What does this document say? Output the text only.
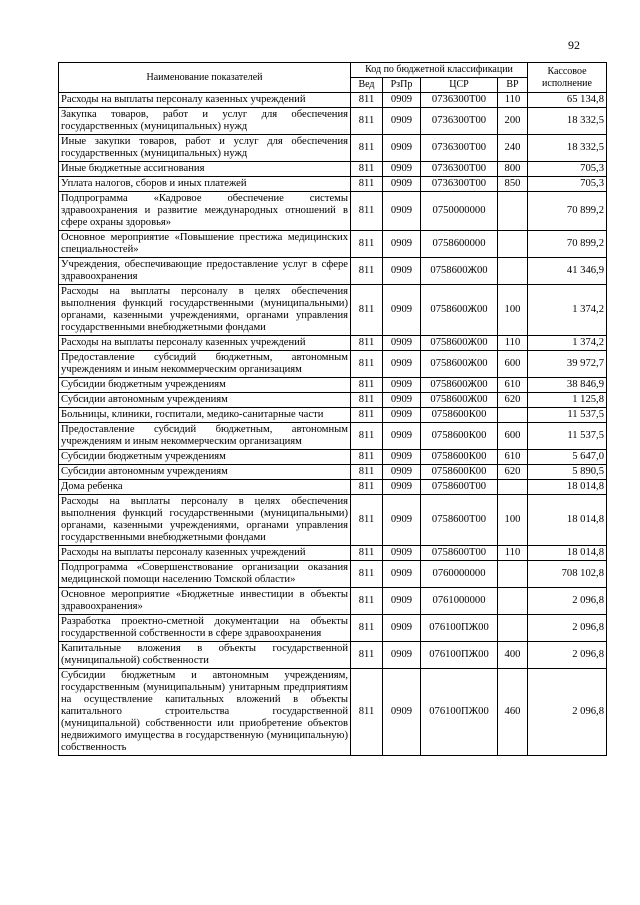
92
Наименование показателей	Код по бюджетной классификации				Кассовое исполнение
	Вед	РзПр	ЦСР	ВР	
Расходы на выплаты персоналу казенных учреждений	811	0909	0736300Т00	110	65 134,8
Закупка товаров, работ и услуг для обеспечения государственных (муниципальных) нужд	811	0909	0736300Т00	200	18 332,5
Иные закупки товаров, работ и услуг для обеспечения государственных (муниципальных) нужд	811	0909	0736300Т00	240	18 332,5
Иные бюджетные ассигнования	811	0909	0736300Т00	800	705,3
Уплата налогов, сборов и иных платежей	811	0909	0736300Т00	850	705,3
Подпрограмма «Кадровое обеспечение системы здравоохранения и развитие международных отношений в сфере охраны здоровья»	811	0909	0750000000		70 899,2
Основное мероприятие «Повышение престижа медицинских специальностей»	811	0909	0758600000		70 899,2
Учреждения, обеспечивающие предоставление услуг в сфере здравоохранения	811	0909	0758600Ж00		41 346,9
Расходы на выплаты персоналу в целях обеспечения выполнения функций государственными (муниципальными) органами, казенными учреждениями, органами управления государственными внебюджетными фондами	811	0909	0758600Ж00	100	1 374,2
Расходы на выплаты персоналу казенных учреждений	811	0909	0758600Ж00	110	1 374,2
Предоставление субсидий бюджетным, автономным учреждениям и иным некоммерческим организациям	811	0909	0758600Ж00	600	39 972,7
Субсидии бюджетным учреждениям	811	0909	0758600Ж00	610	38 846,9
Субсидии автономным учреждениям	811	0909	0758600Ж00	620	1 125,8
Больницы, клиники, госпитали, медико-санитарные части	811	0909	0758600К00		11 537,5
Предоставление субсидий бюджетным, автономным учреждениям и иным некоммерческим организациям	811	0909	0758600К00	600	11 537,5
Субсидии бюджетным учреждениям	811	0909	0758600К00	610	5 647,0
Субсидии автономным учреждениям	811	0909	0758600К00	620	5 890,5
Дома ребенка	811	0909	0758600Т00		18 014,8
Расходы на выплаты персоналу в целях обеспечения выполнения функций государственными (муниципальными) органами, казенными учреждениями, органами управления государственными внебюджетными фондами	811	0909	0758600Т00	100	18 014,8
Расходы на выплаты персоналу казенных учреждений	811	0909	0758600Т00	110	18 014,8
Подпрограмма «Совершенствование организации оказания медицинской помощи населению Томской области»	811	0909	0760000000		708 102,8
Основное мероприятие «Бюджетные инвестиции в объекты здравоохранения»	811	0909	0761000000		2 096,8
Разработка проектно-сметной документации на объекты государственной собственности в сфере здравоохранения	811	0909	076100ПЖ00		2 096,8
Капитальные вложения в объекты государственной (муниципальной) собственности	811	0909	076100ПЖ00	400	2 096,8
Субсидии бюджетным и автономным учреждениям, государственным (муниципальным) унитарным предприятиям на осуществление капитальных вложений в объекты капитального строительства государственной (муниципальной) собственности или приобретение объектов недвижимого имущества в государственную (муниципальную) собственность	811	0909	076100ПЖ00	460	2 096,8
